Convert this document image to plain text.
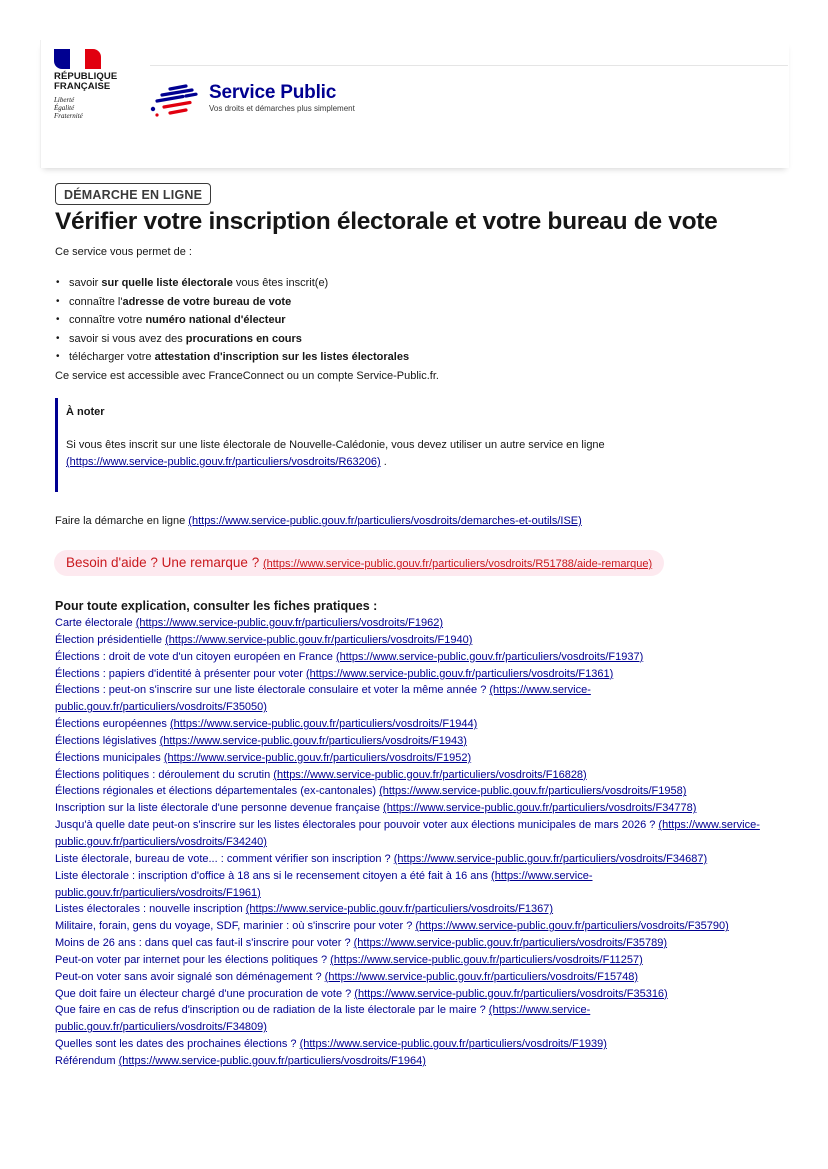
RÉPUBLIQUE
FRANÇAISE
Liberté
Égalité
Fraternité
Service Public
Vos droits et démarches plus simplement
DÉMARCHE EN LIGNE
Vérifier votre inscription électorale et votre bureau de vote

Ce service vous permet de :

• savoir sur quelle liste électorale vous êtes inscrit(e)
• connaître l'adresse de votre bureau de vote
• connaître votre numéro national d'électeur
• savoir si vous avez des procurations en cours
• télécharger votre attestation d'inscription sur les listes électorales

Ce service est accessible avec FranceConnect ou un compte Service-Public.fr.

À noter

Si vous êtes inscrit sur une liste électorale de Nouvelle-Calédonie, vous devez utiliser un autre service en ligne
(https://www.service-public.gouv.fr/particuliers/vosdroits/R63206) .

Faire la démarche en ligne (https://www.service-public.gouv.fr/particuliers/vosdroits/demarches-et-outils/ISE)

Besoin d'aide ? Une remarque ? (https://www.service-public.gouv.fr/particuliers/vosdroits/R51788/aide-remarque)

Pour toute explication, consulter les fiches pratiques :

Carte électorale (https://www.service-public.gouv.fr/particuliers/vosdroits/F1962)
Élection présidentielle (https://www.service-public.gouv.fr/particuliers/vosdroits/F1940)
Élections : droit de vote d'un citoyen européen en France (https://www.service-public.gouv.fr/particuliers/vosdroits/F1937)
Élections : papiers d'identité à présenter pour voter (https://www.service-public.gouv.fr/particuliers/vosdroits/F1361)
Élections : peut-on s'inscrire sur une liste électorale consulaire et voter la même année ? (https://www.service-public.gouv.fr/particuliers/vosdroits/F35050)
Élections européennes (https://www.service-public.gouv.fr/particuliers/vosdroits/F1944)
Élections législatives (https://www.service-public.gouv.fr/particuliers/vosdroits/F1943)
Élections municipales (https://www.service-public.gouv.fr/particuliers/vosdroits/F1952)
Élections politiques : déroulement du scrutin (https://www.service-public.gouv.fr/particuliers/vosdroits/F16828)
Élections régionales et élections départementales (ex-cantonales) (https://www.service-public.gouv.fr/particuliers/vosdroits/F1958)
Inscription sur la liste électorale d'une personne devenue française (https://www.service-public.gouv.fr/particuliers/vosdroits/F34778)
Jusqu'à quelle date peut-on s'inscrire sur les listes électorales pour pouvoir voter aux élections municipales de mars 2026 ? (https://www.service-public.gouv.fr/particuliers/vosdroits/F34240)
Liste électorale, bureau de vote... : comment vérifier son inscription ? (https://www.service-public.gouv.fr/particuliers/vosdroits/F34687)
Liste électorale : inscription d'office à 18 ans si le recensement citoyen a été fait à 16 ans (https://www.service-public.gouv.fr/particuliers/vosdroits/F1961)
Listes électorales : nouvelle inscription (https://www.service-public.gouv.fr/particuliers/vosdroits/F1367)
Militaire, forain, gens du voyage, SDF, marinier : où s'inscrire pour voter ? (https://www.service-public.gouv.fr/particuliers/vosdroits/F35790)
Moins de 26 ans : dans quel cas faut-il s'inscrire pour voter ? (https://www.service-public.gouv.fr/particuliers/vosdroits/F35789)
Peut-on voter par internet pour les élections politiques ? (https://www.service-public.gouv.fr/particuliers/vosdroits/F11257)
Peut-on voter sans avoir signalé son déménagement ? (https://www.service-public.gouv.fr/particuliers/vosdroits/F15748)
Que doit faire un électeur chargé d'une procuration de vote ? (https://www.service-public.gouv.fr/particuliers/vosdroits/F35316)
Que faire en cas de refus d'inscription ou de radiation de la liste électorale par le maire ? (https://www.service-public.gouv.fr/particuliers/vosdroits/F34809)
Quelles sont les dates des prochaines élections ? (https://www.service-public.gouv.fr/particuliers/vosdroits/F1939)
Référendum (https://www.service-public.gouv.fr/particuliers/vosdroits/F1964)
